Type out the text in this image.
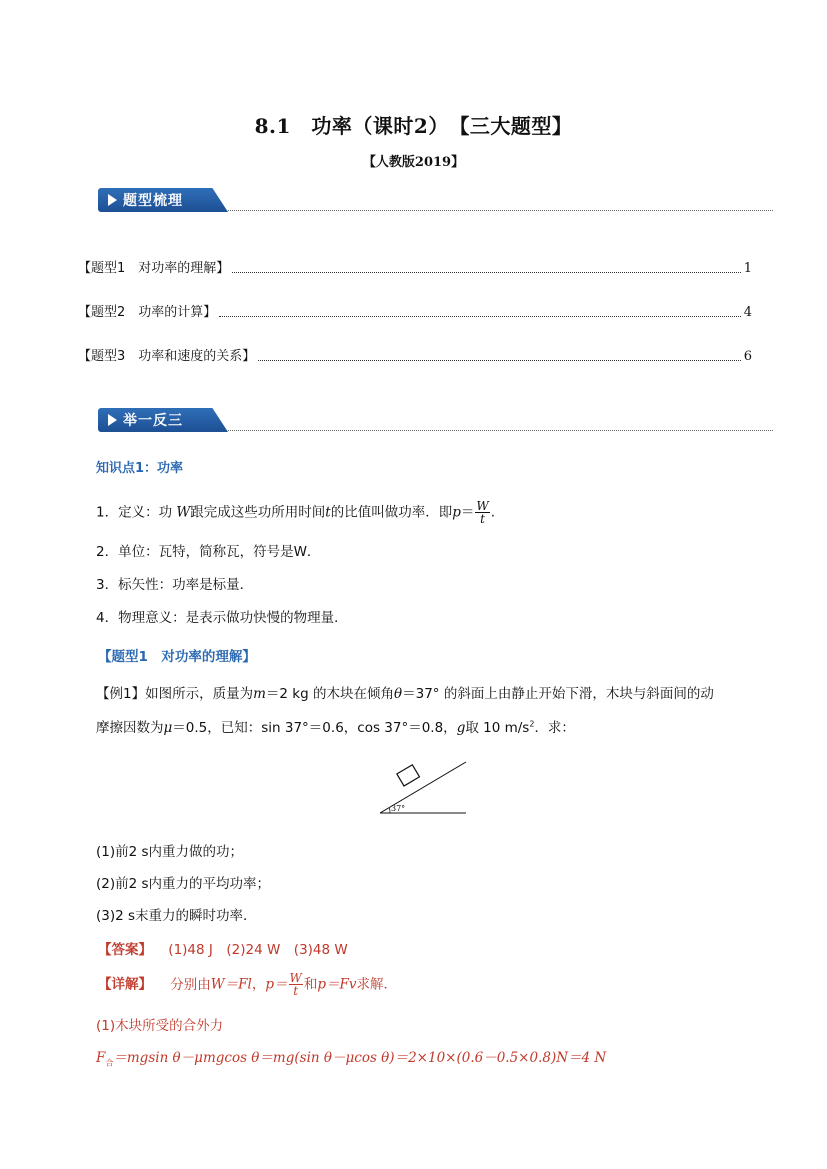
8.1　功率（课时2）　【三大题型】
【人教版2019】
题型梳理
【题型1　对功率的理解】	1
【题型2　功率的计算】	4
【题型3　功率和速度的关系】	6
举一反三
知识点1：功率
1．定义：功 W跟完成这些功所用时间t的比值叫做功率．即$p= \frac{W}{t}$ .
2．单位：瓦特，简称瓦，符号是W．
3．标矢性：功率是标量．
4．物理意义：是表示做功快慢的物理量．
【题型1　对功率的理解】
【例1】如图所示，质量为m＝2 kg 的木块在倾角θ＝37° 的斜面上由静止开始下滑，木块与斜面间的动
摩擦因数为μ＝0.5，已知：sin 37°＝0.6，cos 37°＝0.8，g取 10 $m/s^2$．求：
37°
(1)前2 s内重力做的功；
(2)前2 s内重力的平均功率；
(3)2 s末重力的瞬时功率．
【答案】 (1)48 J　(2)24 W　(3)48 W
【详解】 分别由W＝Fl，$p= \frac{W}{t}$ 和p＝Fv求解．
(1)木块所受的合外力
$F_合=mgsin$ θ－μmgcos θ＝mg(sin θ－μcos θ)＝2×10×(0.6－0.5×0.8)N＝4 N
